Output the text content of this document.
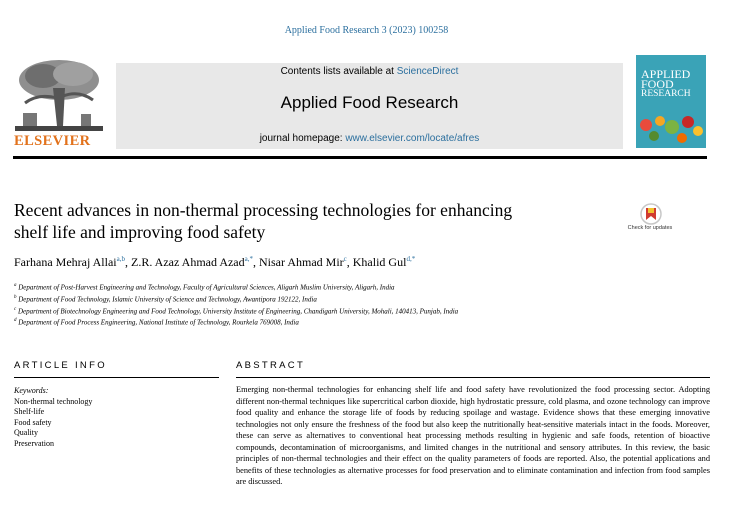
Applied Food Research 3 (2023) 100258
ELSEVIER
Contents lists available at ScienceDirect
Applied Food Research
journal homepage: www.elsevier.com/locate/afres
APPLIED
FOOD
RESEARCH
Recent advances in non-thermal processing technologies for enhancing
shelf life and improving food safety	Check for updates
Farhana Mehraj Allai$^{a,b}$, Z.R. Azaz Ahmad Azad$^{a,*}$, Nisar Ahmad Mir$^c$, Khalid Gul$^{d,*}$
$^a$ Department of Post-Harvest Engineering and Technology, Faculty of Agricultural Sciences, Aligarh Muslim University, Aligarh, India
$^b$ Department of Food Technology, Islamic University of Science and Technology, Awantipora 192122, India
$^c$ Department of Biotechnology Engineering and Food Technology, University Institute of Engineering, Chandigarh University, Mohali, 140413, Punjab, India
$^d$ Department of Food Process Engineering, National Institute of Technology, Rourkela 769008, India
ARTICLE INFO
Keywords:
Non-thermal technology
Shelf-life
Food safety
Quality
Preservation
ABSTRACT
Emerging non-thermal technologies for enhancing shelf life and food safety have revolutionized the food processing sector. Adopting different non-thermal techniques like supercritical carbon dioxide, high hydrostatic pressure, cold plasma, and ozone technology can improve food quality and enhance the storage life of foods by reducing spoilage and wastage. Evidence shows that these emerging innovative technologies not only ensure the freshness of the food but also keep the nutritionally heat-sensitive materials intact in the foods. Moreover, these can serve as alternatives to conventional heat processing methods resulting in hygienic and safe foods, retention of bioactive compounds, decontamination of microorganisms, and limited changes in the nutritional and sensory attributes. In this review, the basic principles of non-thermal technologies and their effect on the quality parameters of foods are reported. Also, the potential applications and benefits of these technologies as alternative processes for food preservation and to eliminate contamination and infection from food samples are discussed.
